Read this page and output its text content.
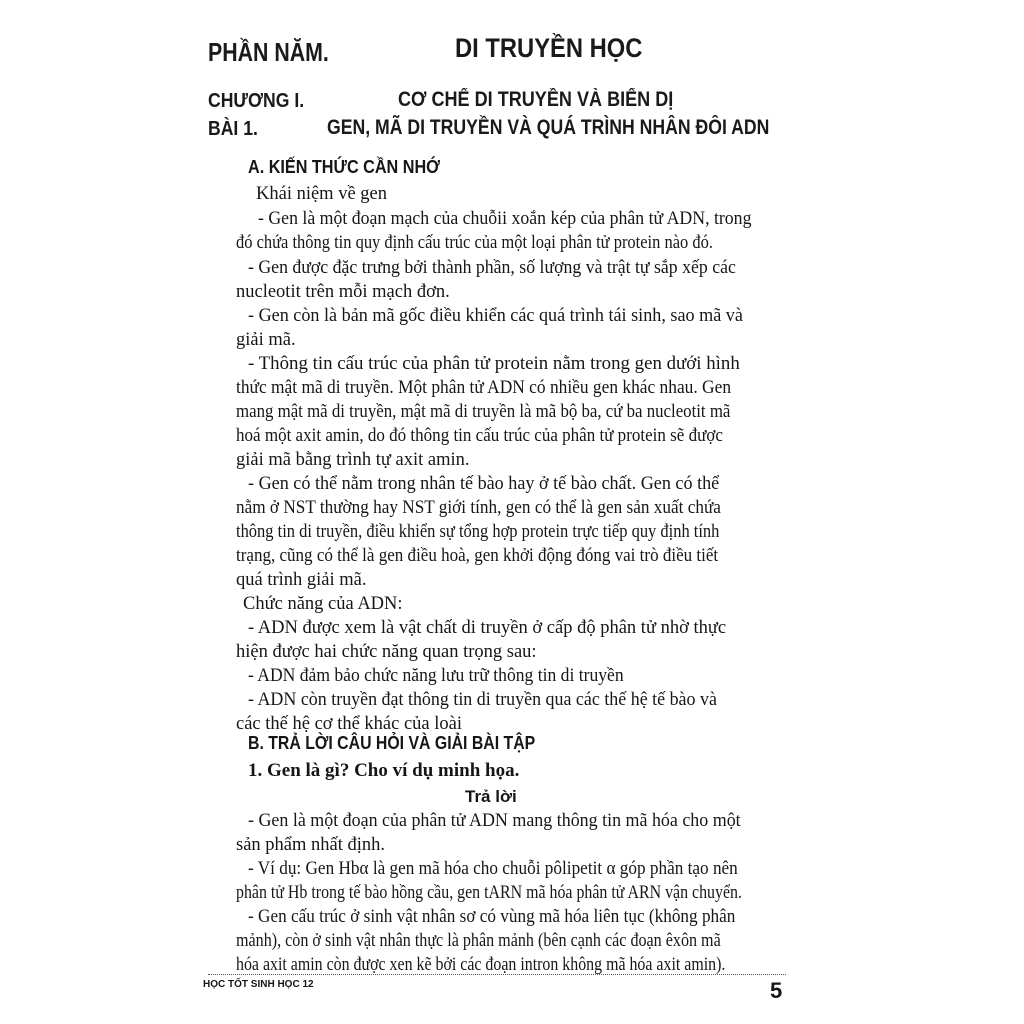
PHẦN NĂM.	DI TRUYỀN HỌC
CHƯƠNG I.	CƠ CHẾ DI TRUYỀN VÀ BIẾN DỊ
BÀI 1.	GEN, MÃ DI TRUYỀN VÀ QUÁ TRÌNH NHÂN ĐÔI ADN
A. KIẾN THỨC CẦN NHỚ
Khái niệm về gen
- Gen là một đoạn mạch của chuỗii xoắn kép của phân tử ADN, trong
đó chứa thông tin quy định cấu trúc của một loại phân tử protein nào đó.
- Gen được đặc trưng bởi thành phần, số lượng và trật tự sắp xếp các
nucleotit trên mỗi mạch đơn.
- Gen còn là bản mã gốc điều khiển các quá trình tái sinh, sao mã và
giải mã.
- Thông tin cấu trúc của phân tử protein nằm trong gen dưới hình
thức mật mã di truyền. Một phân tử ADN có nhiều gen khác nhau. Gen
mang mật mã di truyền, mật mã di truyền là mã bộ ba, cứ ba nucleotit mã
hoá một axit amin, do đó thông tin cấu trúc của phân tử protein sẽ được
giải mã bằng trình tự axit amin.
- Gen có thể nằm trong nhân tế bào hay ở tế bào chất. Gen có thể
nằm ở NST thường hay NST giới tính, gen có thể là gen sản xuất chứa
thông tin di truyền, điều khiển sự tổng hợp protein trực tiếp quy định tính
trạng, cũng có thể là gen điều hoà, gen khởi động đóng vai trò điều tiết
quá trình giải mã.
Chức năng của ADN:
- ADN được xem là vật chất di truyền ở cấp độ phân tử nhờ thực
hiện được hai chức năng quan trọng sau:
- ADN đảm bảo chức năng lưu trữ thông tin di truyền
- ADN còn truyền đạt thông tin di truyền qua các thế hệ tế bào và
các thế hệ cơ thể khác của loài
B. TRẢ LỜI CÂU HỎI VÀ GIẢI BÀI TẬP
1. Gen là gì? Cho ví dụ minh họa.
Trả lời
- Gen là một đoạn của phân tử ADN mang thông tin mã hóa cho một
sản phẩm nhất định.
- Ví dụ: Gen Hbα là gen mã hóa cho chuỗi pôlipetit α góp phần tạo nên
phân tử Hb trong tế bào hồng cầu, gen tARN mã hóa phân tử ARN vận chuyển.
- Gen cấu trúc ở sinh vật nhân sơ có vùng mã hóa liên tục (không phân
mảnh), còn ở sinh vật nhân thực là phân mảnh (bên cạnh các đoạn êxôn mã
hóa axit amin còn được xen kẽ bởi các đoạn intron không mã hóa axit amin).
HỌC TỐT SINH HỌC 12	5
